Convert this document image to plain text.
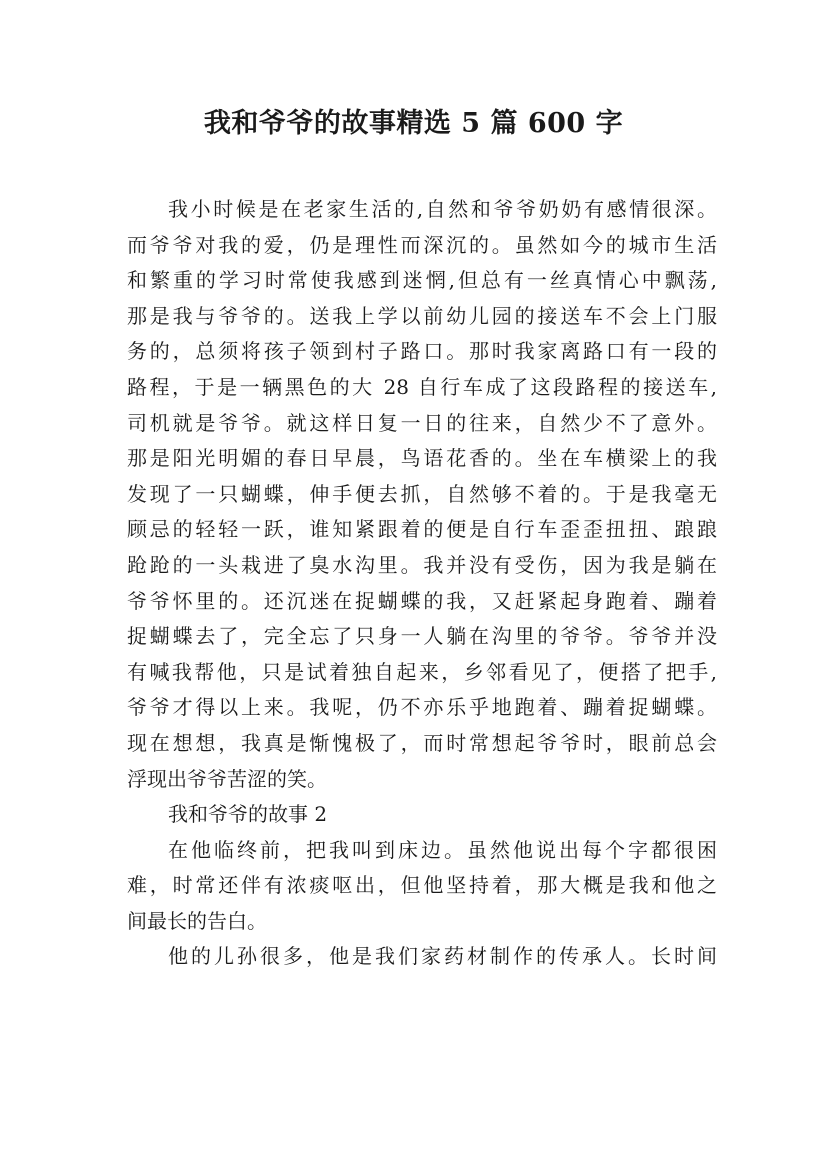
我和爷爷的故事精选 5 篇 600 字
我小时候是在老家生活的,自然和爷爷奶奶有感情很深。
而爷爷对我的爱，仍是理性而深沉的。虽然如今的城市生活
和繁重的学习时常使我感到迷惘,但总有一丝真情心中飘荡,
那是我与爷爷的。送我上学以前幼儿园的接送车不会上门服
务的，总须将孩子领到村子路口。那时我家离路口有一段的
路程，于是一辆黑色的大 28 自行车成了这段路程的接送车,
司机就是爷爷。就这样日复一日的往来，自然少不了意外。
那是阳光明媚的春日早晨，鸟语花香的。坐在车横梁上的我
发现了一只蝴蝶，伸手便去抓，自然够不着的。于是我毫无
顾忌的轻轻一跃，谁知紧跟着的便是自行车歪歪扭扭、踉踉
跄跄的一头栽进了臭水沟里。我并没有受伤，因为我是躺在
爷爷怀里的。还沉迷在捉蝴蝶的我，又赶紧起身跑着、蹦着
捉蝴蝶去了，完全忘了只身一人躺在沟里的爷爷。爷爷并没
有喊我帮他，只是试着独自起来，乡邻看见了，便搭了把手,
爷爷才得以上来。我呢，仍不亦乐乎地跑着、蹦着捉蝴蝶。
现在想想，我真是惭愧极了，而时常想起爷爷时，眼前总会
浮现出爷爷苦涩的笑。
我和爷爷的故事 2
在他临终前，把我叫到床边。虽然他说出每个字都很困
难，时常还伴有浓痰呕出，但他坚持着，那大概是我和他之
间最长的告白。
他的儿孙很多，他是我们家药材制作的传承人。长时间
